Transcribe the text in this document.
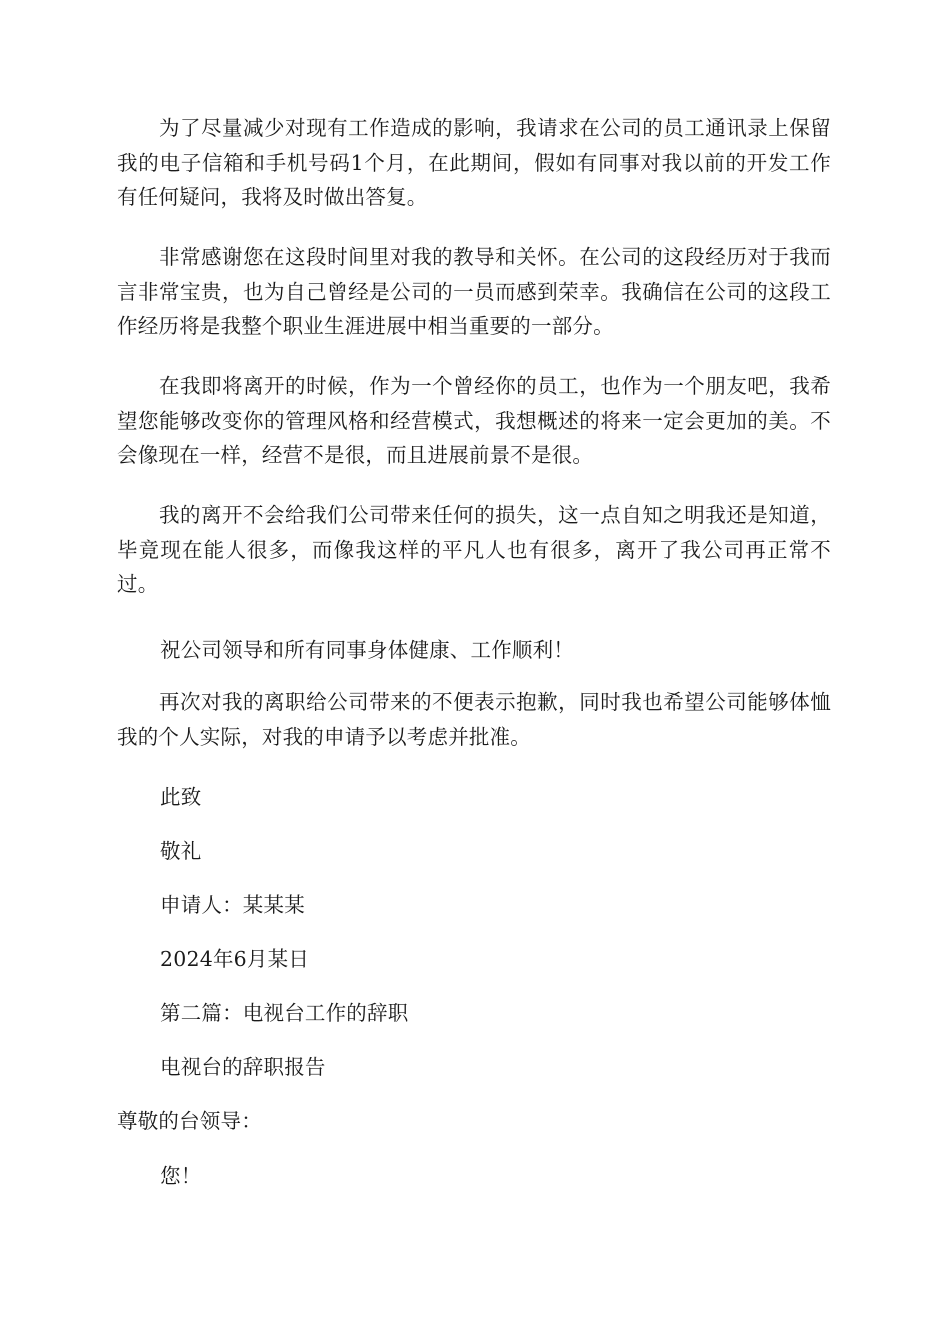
为了尽量减少对现有工作造成的影响，我请求在公司的员工通讯录上保留我的电子信箱和手机号码1个月，在此期间，假如有同事对我以前的开发工作有任何疑问，我将及时做出答复。

非常感谢您在这段时间里对我的教导和关怀。在公司的这段经历对于我而言非常宝贵，也为自己曾经是公司的一员而感到荣幸。我确信在公司的这段工作经历将是我整个职业生涯进展中相当重要的一部分。

在我即将离开的时候，作为一个曾经你的员工，也作为一个朋友吧，我希望您能够改变你的管理风格和经营模式，我想概述的将来一定会更加的美。不会像现在一样，经营不是很，而且进展前景不是很。

我的离开不会给我们公司带来任何的损失，这一点自知之明我还是知道，毕竟现在能人很多，而像我这样的平凡人也有很多，离开了我公司再正常不过。

祝公司领导和所有同事身体健康、工作顺利！

再次对我的离职给公司带来的不便表示抱歉，同时我也希望公司能够体恤我的个人实际，对我的申请予以考虑并批准。

此致
敬礼
申请人：某某某
2024年6月某日
第二篇：电视台工作的辞职
电视台的辞职报告
尊敬的台领导：
您！
